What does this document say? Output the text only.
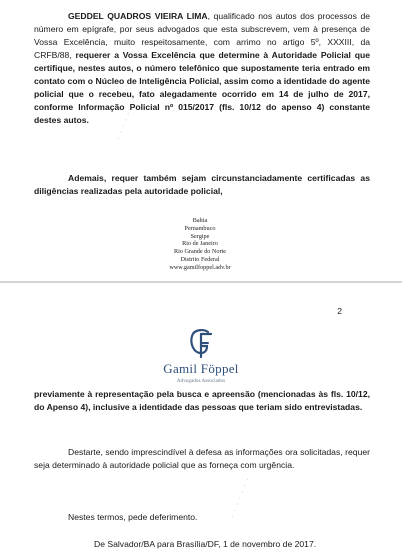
GEDDEL QUADROS VIEIRA LIMA, qualificado nos autos dos processos de número em epígrafe, por seus advogados que esta subscrevem, vem à presença de Vossa Excelência, muito respeitosamente, com arrimo no artigo 5º, XXXIII, da CRFB/88, requerer a Vossa Excelência que determine à Autoridade Policial que certifique, nestes autos, o número telefônico que supostamente teria entrado em contato com o Núcleo de Inteligência Policial, assim como a identidade do agente policial que o recebeu, fato alegadamente ocorrido em 14 de julho de 2017, conforme Informação Policial nº 015/2017 (fls. 10/12 do apenso 4) constante destes autos.

Ademais, requer também sejam circunstanciadamente certificadas as diligências realizadas pela autoridade policial,

Bahia
Pernambuco
Sergipe
Rio de Janeiro
Rio Grande do Norte
Distrito Federal
www.gamilfoppel.adv.br
· · · · · · ·
2
Gamil Föppel
Advogados Associados

previamente à representação pela busca e apreensão (mencionadas às fls. 10/12, do Apenso 4), inclusive a identidade das pessoas que teriam sido entrevistadas.

Destarte, sendo imprescindível à defesa as informações ora solicitadas, requer seja determinado à autoridade policial que as forneça com urgência.

Nestes termos, pede deferimento.
De Salvador/BA para Brasília/DF, 1 de novembro de 2017.
· · · · · · ·
